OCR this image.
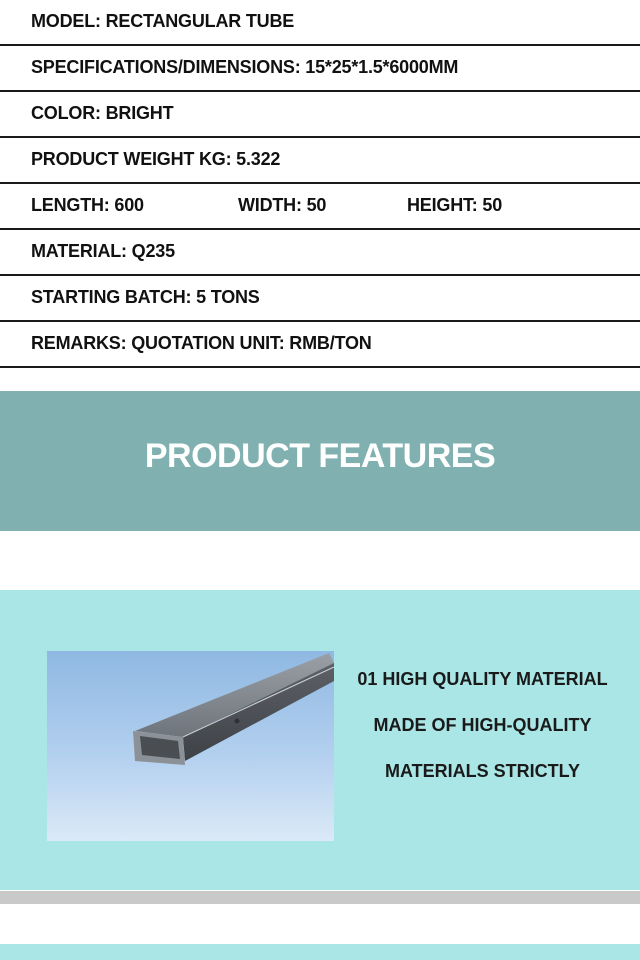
MODEL: RECTANGULAR TUBE
SPECIFICATIONS/DIMENSIONS: 15*25*1.5*6000MM
COLOR: BRIGHT
PRODUCT WEIGHT KG: 5.322
LENGTH: 600	WIDTH: 50	HEIGHT: 50
MATERIAL: Q235
STARTING BATCH: 5 TONS
REMARKS: QUOTATION UNIT: RMB/TON
PRODUCT FEATURES
01 HIGH QUALITY MATERIAL
MADE OF HIGH-QUALITY
MATERIALS STRICTLY
